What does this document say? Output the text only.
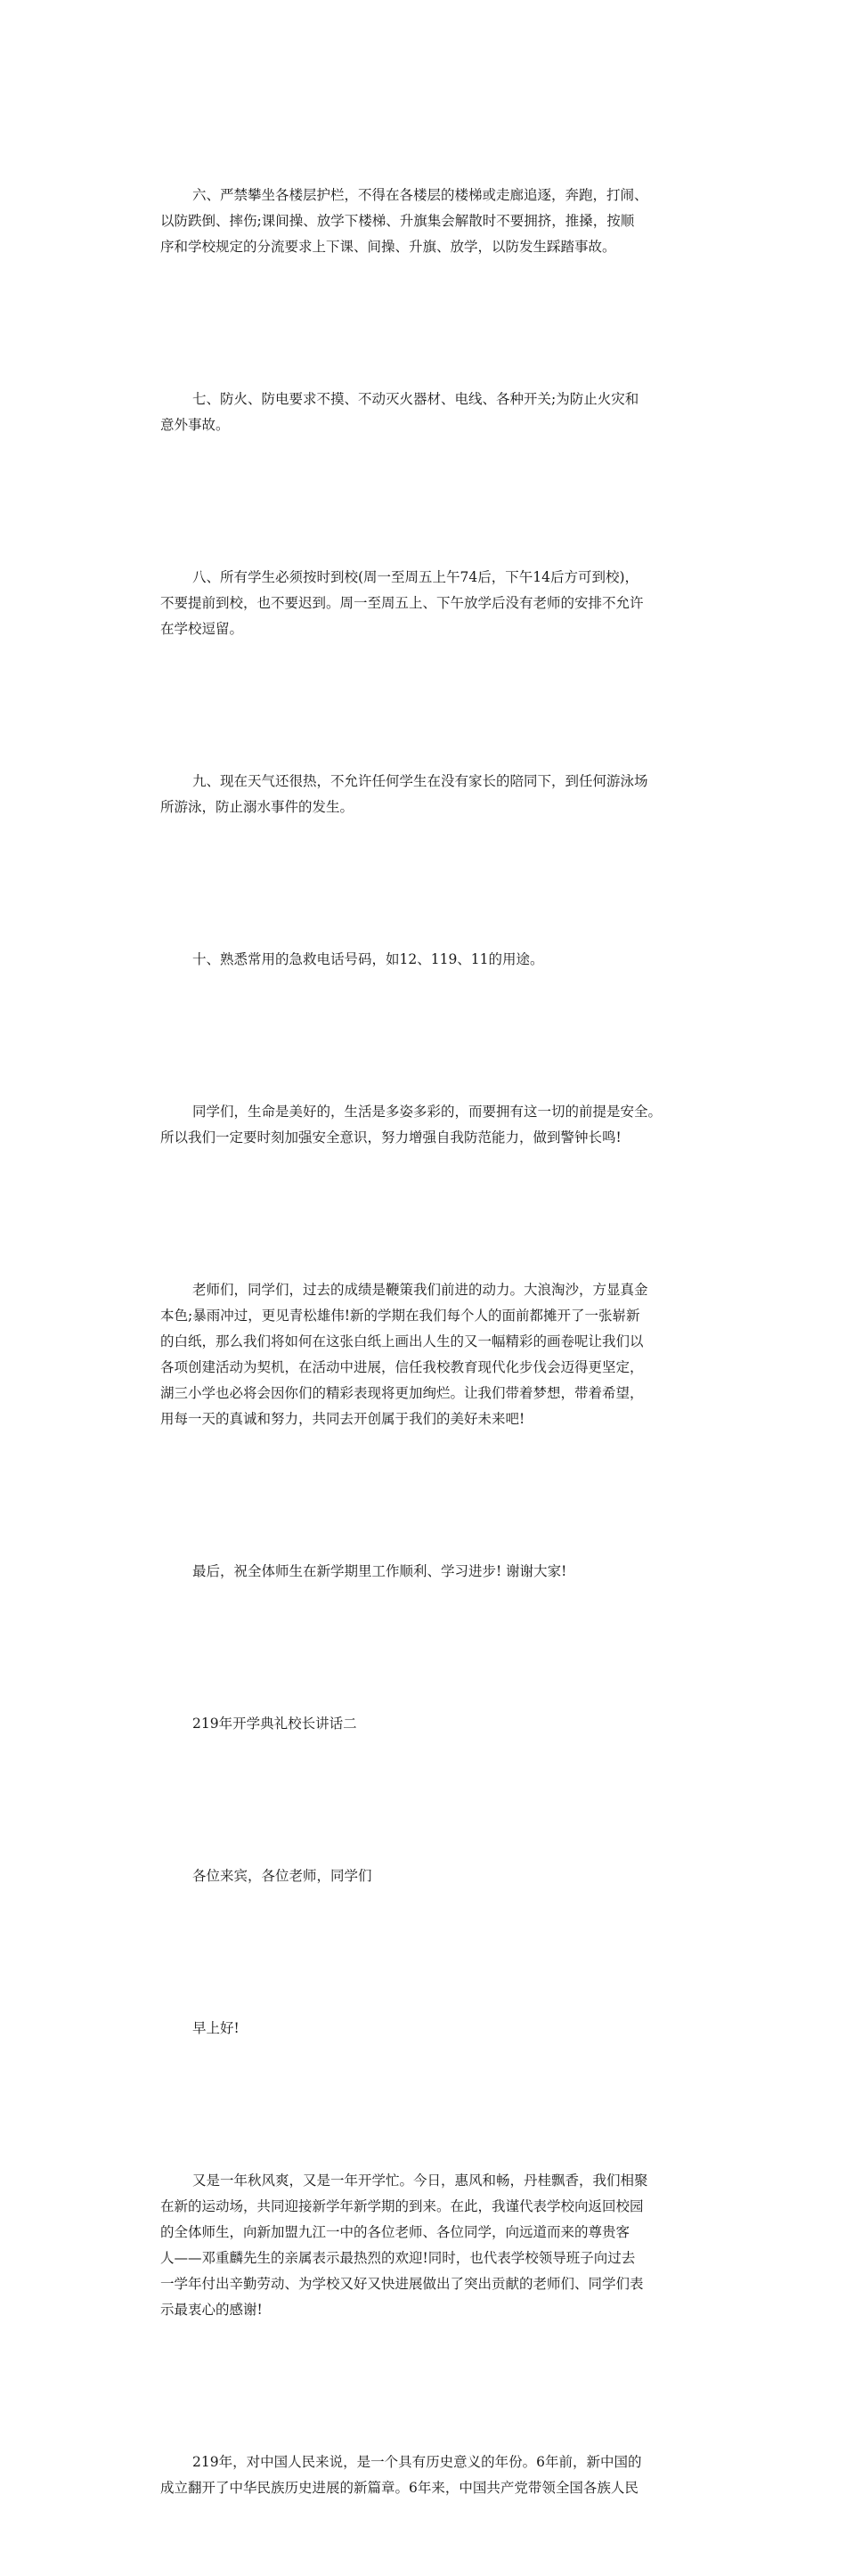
六、严禁攀坐各楼层护栏，不得在各楼层的楼梯或走廊追逐，奔跑，打闹、
以防跌倒、摔伤;课间操、放学下楼梯、升旗集会解散时不要拥挤，推搡，按顺
序和学校规定的分流要求上下课、间操、升旗、放学，以防发生踩踏事故。

七、防火、防电要求不摸、不动灭火器材、电线、各种开关;为防止火灾和
意外事故。

八、所有学生必须按时到校(周一至周五上午74后，下午14后方可到校)，
不要提前到校，也不要迟到。周一至周五上、下午放学后没有老师的安排不允许
在学校逗留。

九、现在天气还很热，不允许任何学生在没有家长的陪同下，到任何游泳场
所游泳，防止溺水事件的发生。

十、熟悉常用的急救电话号码，如12、119、11的用途。

同学们，生命是美好的，生活是多姿多彩的，而要拥有这一切的前提是安全。
所以我们一定要时刻加强安全意识，努力增强自我防范能力，做到警钟长鸣!

老师们，同学们，过去的成绩是鞭策我们前进的动力。大浪淘沙，方显真金
本色;暴雨冲过，更见青松雄伟!新的学期在我们每个人的面前都摊开了一张崭新
的白纸，那么我们将如何在这张白纸上画出人生的又一幅精彩的画卷呢让我们以
各项创建活动为契机，在活动中进展，信任我校教育现代化步伐会迈得更坚定，
湖三小学也必将会因你们的精彩表现将更加绚烂。让我们带着梦想，带着希望，
用每一天的真诚和努力，共同去开创属于我们的美好未来吧!

最后，祝全体师生在新学期里工作顺利、学习进步! 谢谢大家!

219年开学典礼校长讲话二

各位来宾，各位老师，同学们

早上好!

又是一年秋风爽，又是一年开学忙。今日，惠风和畅，丹桂飘香，我们相聚
在新的运动场，共同迎接新学年新学期的到来。在此，我谨代表学校向返回校园
的全体师生，向新加盟九江一中的各位老师、各位同学，向远道而来的尊贵客
人——邓重麟先生的亲属表示最热烈的欢迎!同时，也代表学校领导班子向过去
一学年付出辛勤劳动、为学校又好又快进展做出了突出贡献的老师们、同学们表
示最衷心的感谢!

219年，对中国人民来说，是一个具有历史意义的年份。6年前，新中国的
成立翻开了中华民族历史进展的新篇章。6年来，中国共产党带领全国各族人民
